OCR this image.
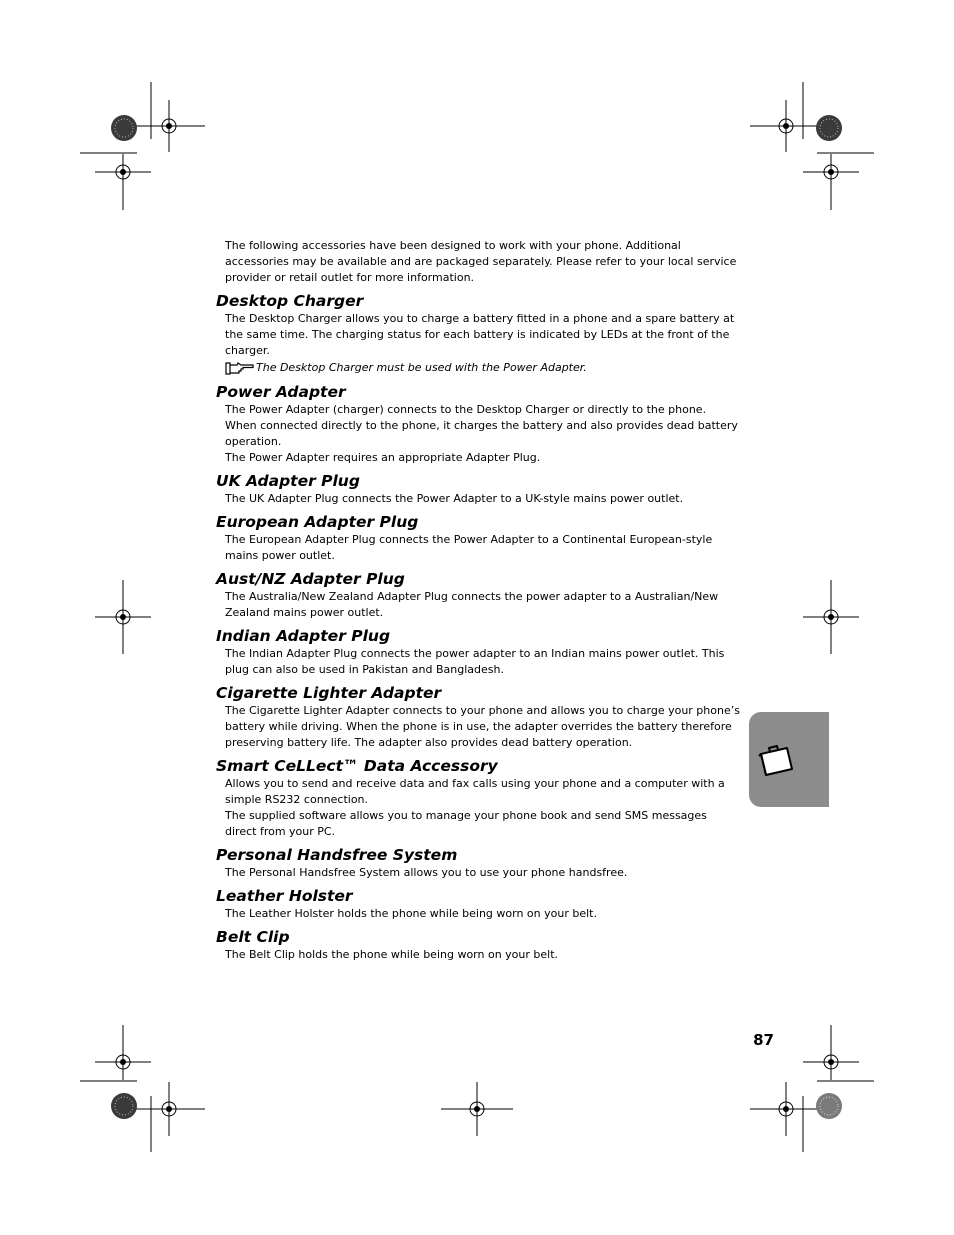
The following accessories have been designed to work with your phone. Additional accessories may be available and are packaged separately. Please refer to your local service provider or retail outlet for more information.

Desktop Charger

The Desktop Charger allows you to charge a battery fitted in a phone and a spare battery at the same time. The charging status for each battery is indicated by LEDs at the front of the charger.

The Desktop Charger must be used with the Power Adapter.
Power Adapter

The Power Adapter (charger) connects to the Desktop Charger or directly to the phone. When connected directly to the phone, it charges the battery and also provides dead battery operation.

The Power Adapter requires an appropriate Adapter Plug.

UK Adapter Plug

The UK Adapter Plug connects the Power Adapter to a UK-style mains power outlet.

European Adapter Plug

The European Adapter Plug connects the Power Adapter to a Continental European-style mains power outlet.

Aust/NZ Adapter Plug

The Australia/New Zealand Adapter Plug connects the power adapter to a Australian/New Zealand mains power outlet.

Indian Adapter Plug

The Indian Adapter Plug connects the power adapter to an Indian mains power outlet. This plug can also be used in Pakistan and Bangladesh.

Cigarette Lighter Adapter

The Cigarette Lighter Adapter connects to your phone and allows you to charge your phone’s battery while driving. When the phone is in use, the adapter overrides the battery therefore preserving battery life. The adapter also provides dead battery operation.

Smart CeLLect™ Data Accessory

Allows you to send and receive data and fax calls using your phone and a computer with a simple RS232 connection.

The supplied software allows you to manage your phone book and send SMS messages direct from your PC.

Personal Handsfree System

The Personal Handsfree System allows you to use your phone handsfree.

Leather Holster

The Leather Holster holds the phone while being worn on your belt.

Belt Clip

The Belt Clip holds the phone while being worn on your belt.

87
